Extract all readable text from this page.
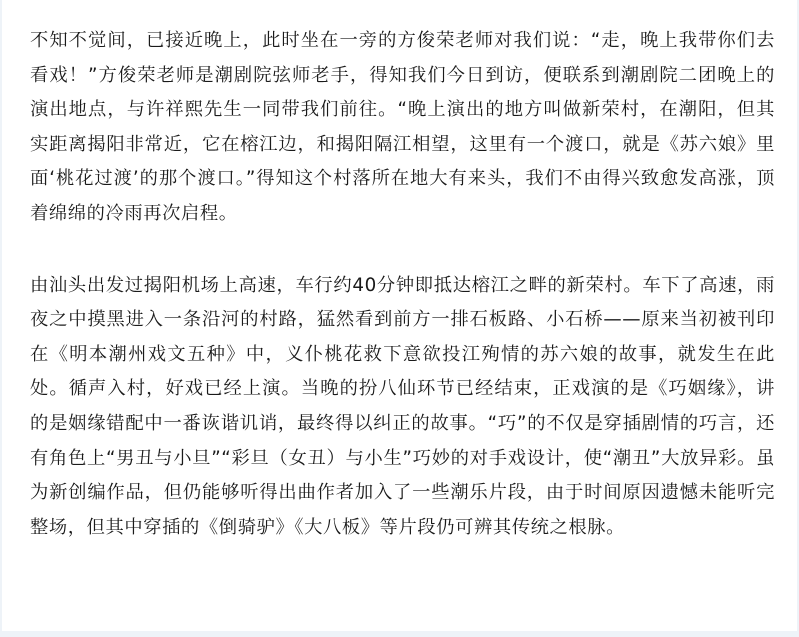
不知不觉间，已接近晚上，此时坐在一旁的方俊荣老师对我们说：“走，晚上我带你们去看戏！”方俊荣老师是潮剧院弦师老手，得知我们今日到访，便联系到潮剧院二团晚上的演出地点，与许祥熙先生一同带我们前往。“晚上演出的地方叫做新荣村，在潮阳，但其实距离揭阳非常近，它在榕江边，和揭阳隔江相望，这里有一个渡口，就是《苏六娘》里面‘桃花过渡’的那个渡口。”得知这个村落所在地大有来头，我们不由得兴致愈发高涨，顶着绵绵的冷雨再次启程。

由汕头出发过揭阳机场上高速，车行约40分钟即抵达榕江之畔的新荣村。车下了高速，雨夜之中摸黑进入一条沿河的村路，猛然看到前方一排石板路、小石桥——原来当初被刊印在《明本潮州戏文五种》中，义仆桃花救下意欲投江殉情的苏六娘的故事，就发生在此处。循声入村，好戏已经上演。当晚的扮八仙环节已经结束，正戏演的是《巧姻缘》，讲的是姻缘错配中一番诙谐讥诮，最终得以纠正的故事。“巧”的不仅是穿插剧情的巧言，还有角色上“男丑与小旦”“彩旦（女丑）与小生”巧妙的对手戏设计，使“潮丑”大放异彩。虽为新创编作品，但仍能够听得出曲作者加入了一些潮乐片段，由于时间原因遗憾未能听完整场，但其中穿插的《倒骑驴》《大八板》等片段仍可辨其传统之根脉。
